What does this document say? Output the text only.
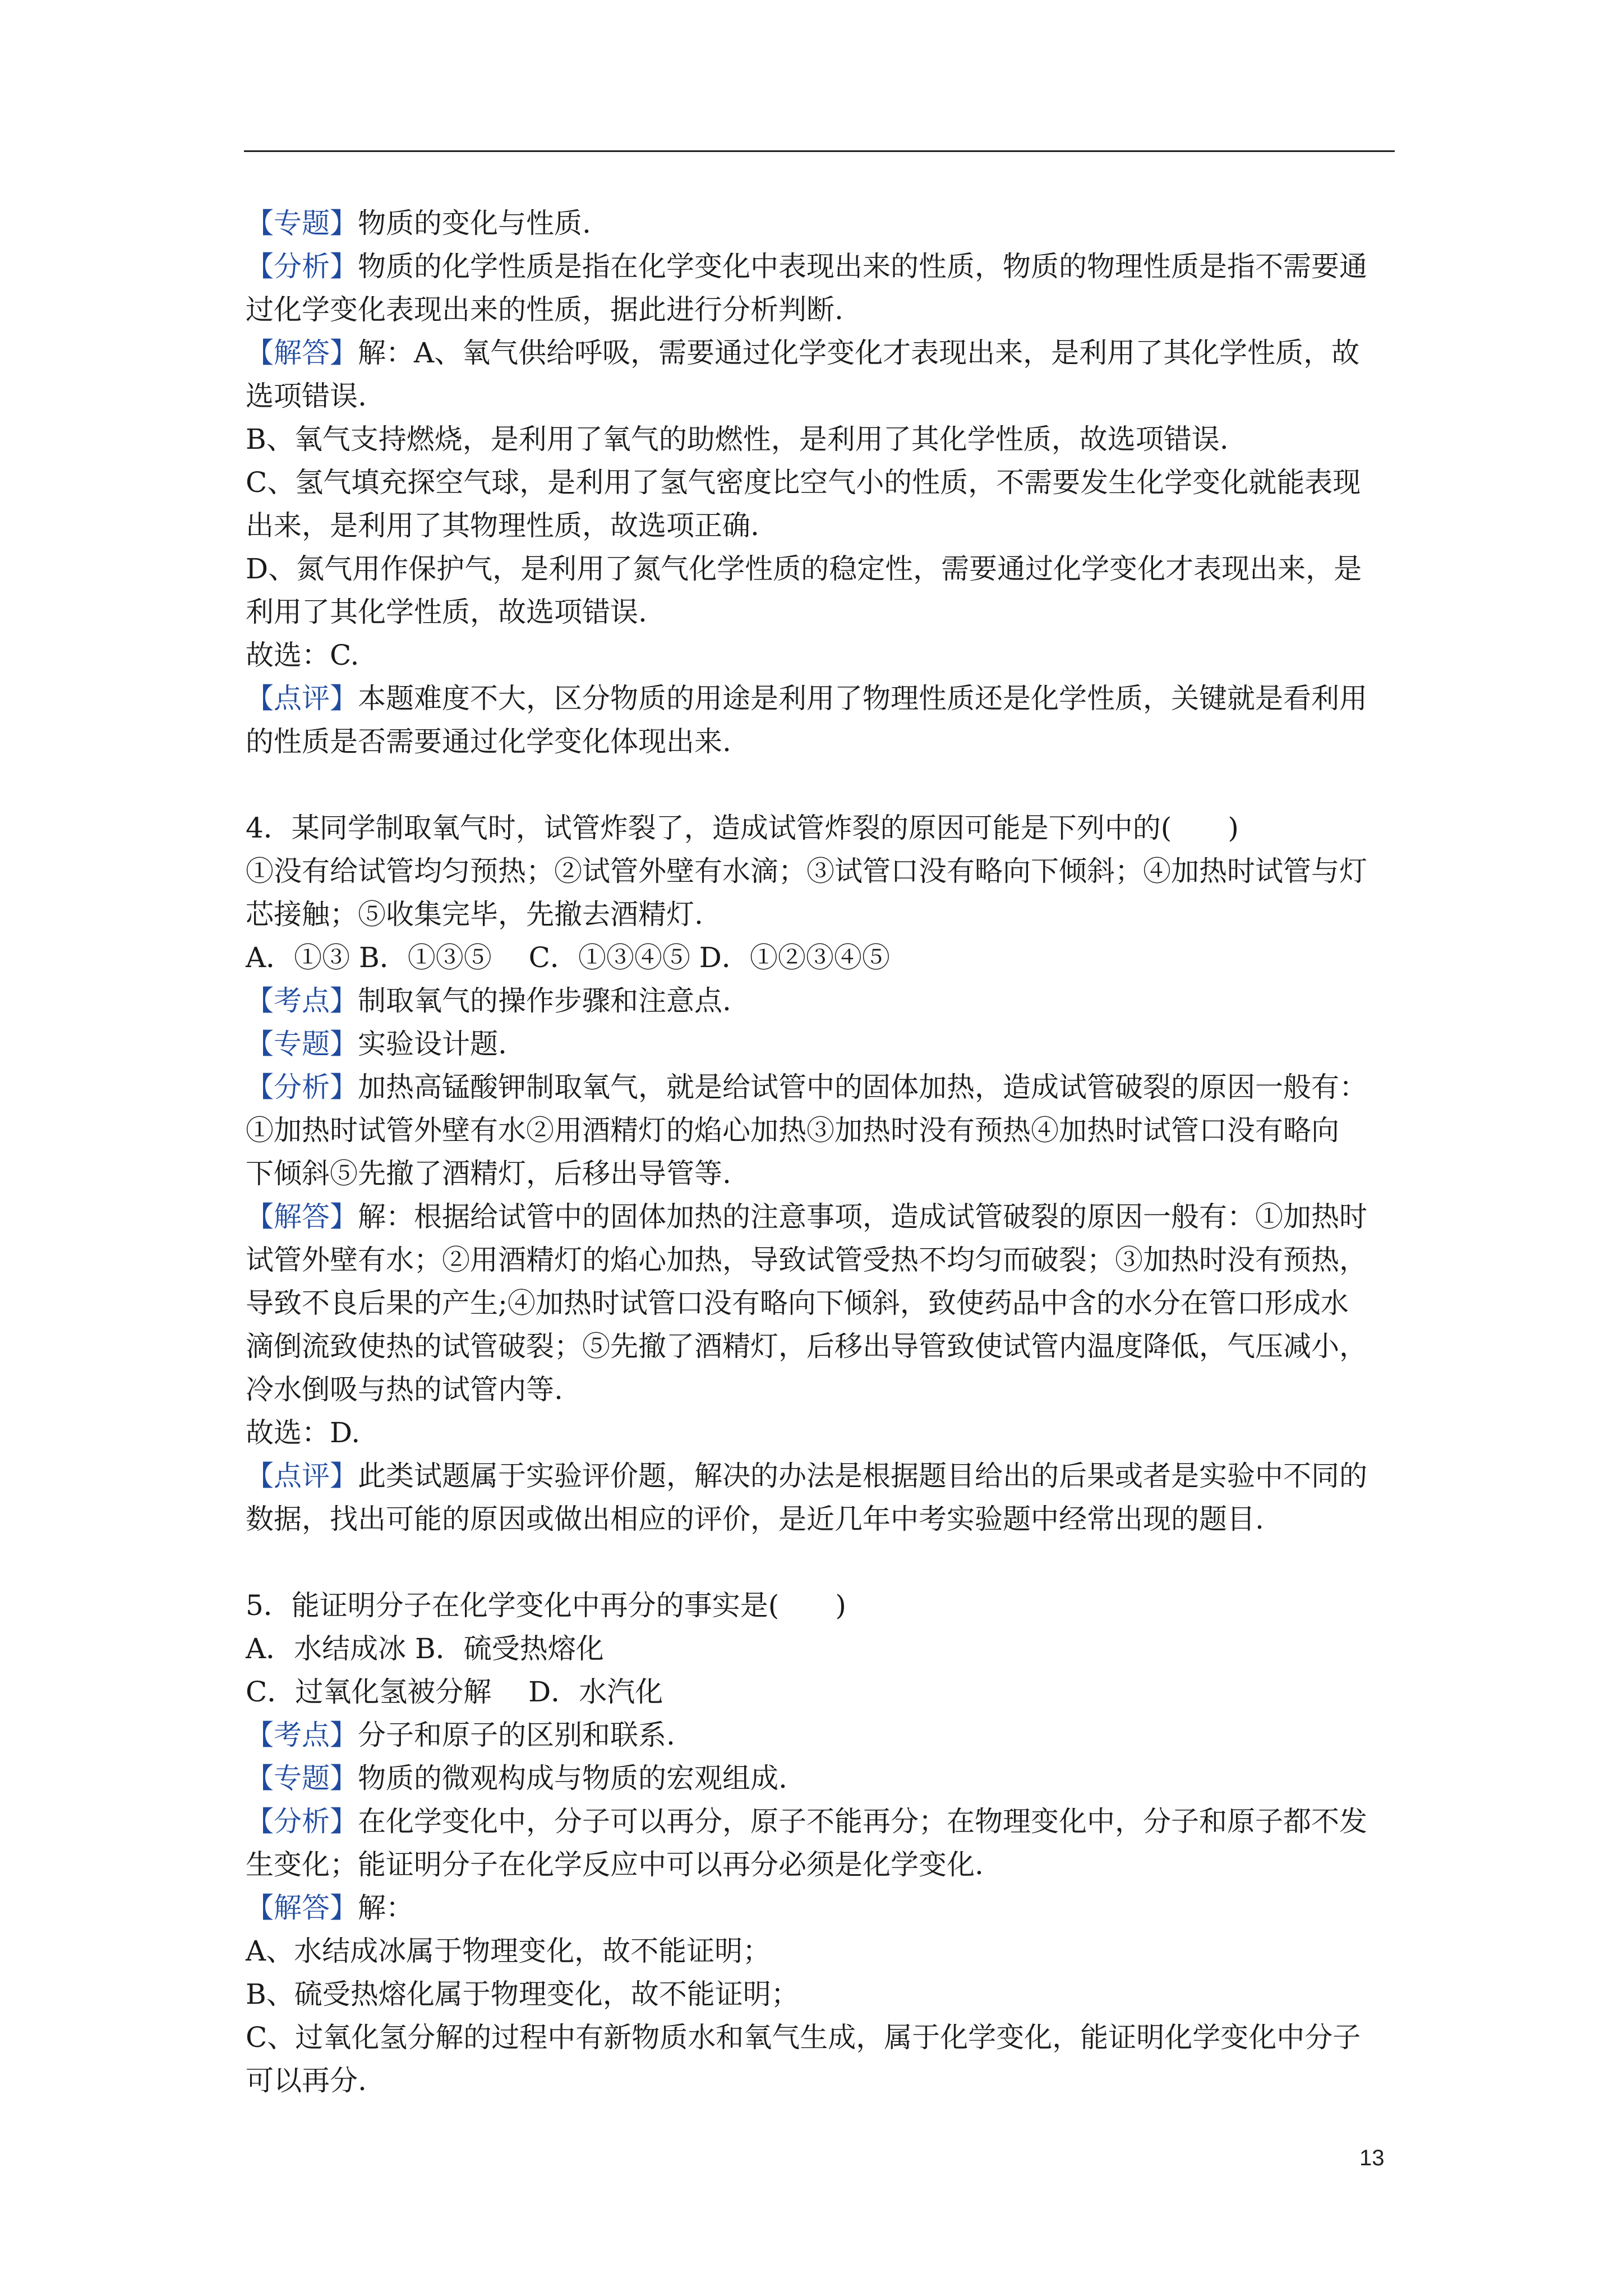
【专题】物质的变化与性质.
【分析】物质的化学性质是指在化学变化中表现出来的性质，物质的物理性质是指不需要通
过化学变化表现出来的性质，据此进行分析判断.
【解答】解：A、氧气供给呼吸，需要通过化学变化才表现出来，是利用了其化学性质，故
选项错误.
B、氧气支持燃烧，是利用了氧气的助燃性，是利用了其化学性质，故选项错误.
C、氢气填充探空气球，是利用了氢气密度比空气小的性质，不需要发生化学变化就能表现
出来，是利用了其物理性质，故选项正确.
D、氮气用作保护气，是利用了氮气化学性质的稳定性，需要通过化学变化才表现出来，是
利用了其化学性质，故选项错误.
故选：C.
【点评】本题难度不大，区分物质的用途是利用了物理性质还是化学性质，关键就是看利用
的性质是否需要通过化学变化体现出来.
4．某同学制取氧气时，试管炸裂了，造成试管炸裂的原因可能是下列中的(　　)
①没有给试管均匀预热；②试管外壁有水滴；③试管口没有略向下倾斜；④加热时试管与灯
芯接触；⑤收集完毕，先撤去酒精灯.
A．①③ B．①③⑤　 C．①③④⑤ D．①②③④⑤
【考点】制取氧气的操作步骤和注意点.
【专题】实验设计题.
【分析】加热高锰酸钾制取氧气，就是给试管中的固体加热，造成试管破裂的原因一般有：
①加热时试管外壁有水②用酒精灯的焰心加热③加热时没有预热④加热时试管口没有略向
下倾斜⑤先撤了酒精灯，后移出导管等.
【解答】解：根据给试管中的固体加热的注意事项，造成试管破裂的原因一般有：①加热时
试管外壁有水；②用酒精灯的焰心加热，导致试管受热不均匀而破裂；③加热时没有预热，
导致不良后果的产生;④加热时试管口没有略向下倾斜，致使药品中含的水分在管口形成水
滴倒流致使热的试管破裂；⑤先撤了酒精灯，后移出导管致使试管内温度降低，气压减小，
冷水倒吸与热的试管内等.
故选：D.
【点评】此类试题属于实验评价题，解决的办法是根据题目给出的后果或者是实验中不同的
数据，找出可能的原因或做出相应的评价，是近几年中考实验题中经常出现的题目.
5．能证明分子在化学变化中再分的事实是(　　)
A．水结成冰 B．硫受热熔化
C．过氧化氢被分解　 D．水汽化
【考点】分子和原子的区别和联系.
【专题】物质的微观构成与物质的宏观组成.
【分析】在化学变化中，分子可以再分，原子不能再分；在物理变化中，分子和原子都不发
生变化；能证明分子在化学反应中可以再分必须是化学变化.
【解答】解：
A、水结成冰属于物理变化，故不能证明；
B、硫受热熔化属于物理变化，故不能证明；
C、过氧化氢分解的过程中有新物质水和氧气生成，属于化学变化，能证明化学变化中分子
可以再分.
13
